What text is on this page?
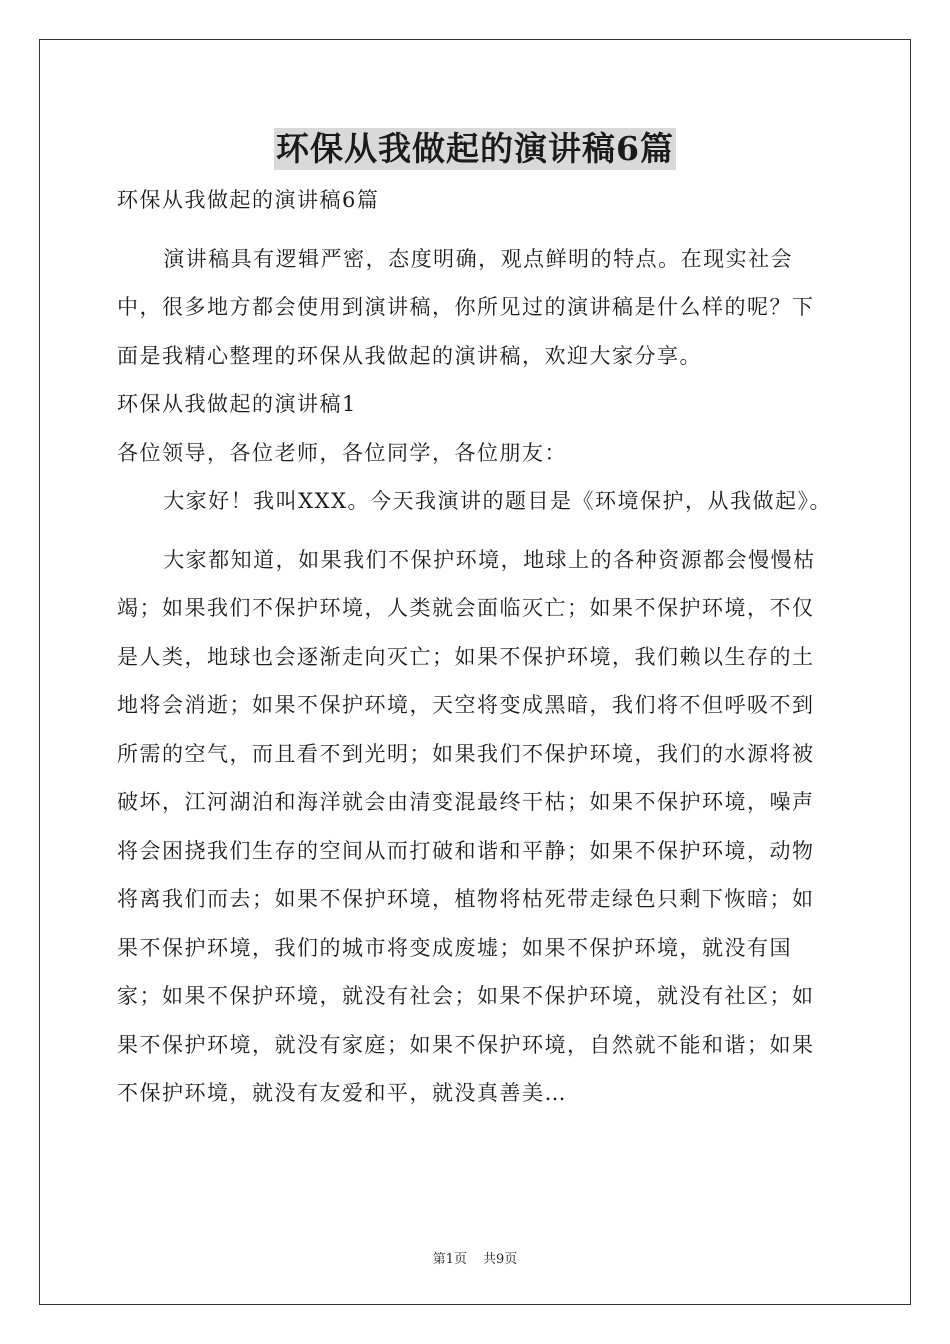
环保从我做起的演讲稿6篇

环保从我做起的演讲稿6篇

演讲稿具有逻辑严密，态度明确，观点鲜明的特点。在现实社会中，很多地方都会使用到演讲稿，你所见过的演讲稿是什么样的呢？下面是我精心整理的环保从我做起的演讲稿，欢迎大家分享。

环保从我做起的演讲稿1

各位领导，各位老师，各位同学，各位朋友：

大家好！我叫XXX。今天我演讲的题目是《环境保护，从我做起》。

大家都知道，如果我们不保护环境，地球上的各种资源都会慢慢枯竭；如果我们不保护环境，人类就会面临灭亡；如果不保护环境，不仅是人类，地球也会逐渐走向灭亡；如果不保护环境，我们赖以生存的土地将会消逝；如果不保护环境，天空将变成黑暗，我们将不但呼吸不到所需的空气，而且看不到光明；如果我们不保护环境，我们的水源将被破坏，江河湖泊和海洋就会由清变混最终干枯；如果不保护环境，噪声将会困挠我们生存的空间从而打破和谐和平静；如果不保护环境，动物将离我们而去；如果不保护环境，植物将枯死带走绿色只剩下恢暗；如果不保护环境，我们的城市将变成废墟；如果不保护环境，就没有国家；如果不保护环境，就没有社会；如果不保护环境，就没有社区；如果不保护环境，就没有家庭；如果不保护环境，自然就不能和谐；如果不保护环境，就没有友爱和平，就没真善美…

第1页 共9页
